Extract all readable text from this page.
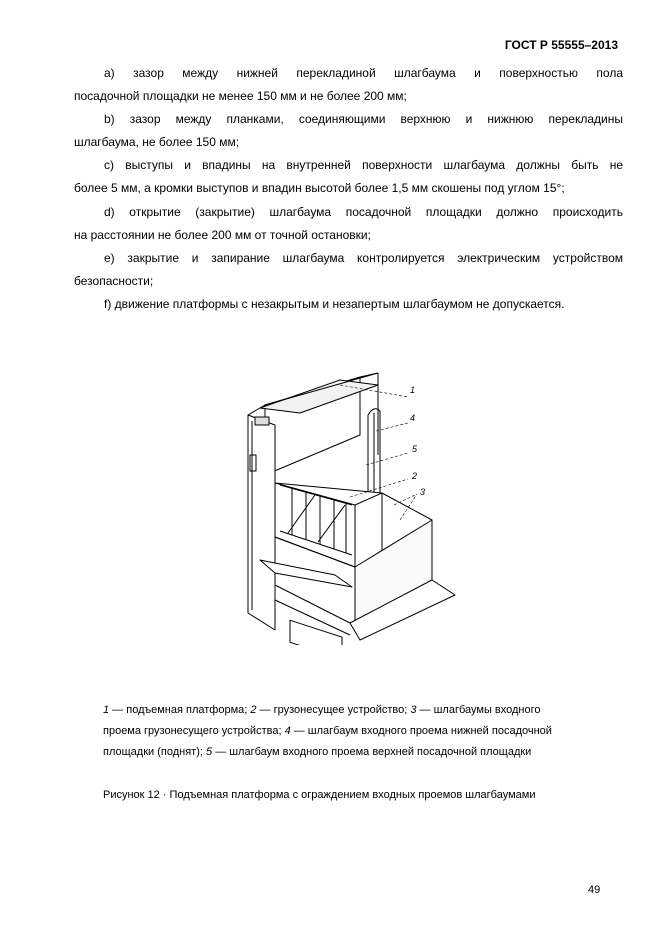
ГОСТ Р 55555–2013
a) зазор между нижней перекладиной шлагбаума и поверхностью пола
посадочной площадки не менее 150 мм и не более 200 мм;
b) зазор между планками, соединяющими верхнюю и нижнюю перекладины
шлагбаума, не более 150 мм;
c) выступы и впадины на внутренней поверхности шлагбаума должны быть не
более 5 мм, а кромки выступов и впадин высотой более 1,5 мм скошены под углом 15°;
d) открытие (закрытие) шлагбаума посадочной площадки должно происходить
на расстоянии не более 200 мм от точной остановки;
e) закрытие и запирание шлагбаума контролируется электрическим устройством
безопасности;
f) движение платформы с незакрытым и незапертым шлагбаумом не допускается.
1
4
5
2
3
1 — подъемная платформа; 2 — грузонесущее устройство; 3 — шлагбаумы входного
проема грузонесущего устройства; 4 — шлагбаум входного проема нижней посадочной
площадки (поднят); 5 — шлагбаум входного проема верхней посадочной площадки
Рисунок 12 · Подъемная платформа с ограждением входных проемов шлагбаумами
49
